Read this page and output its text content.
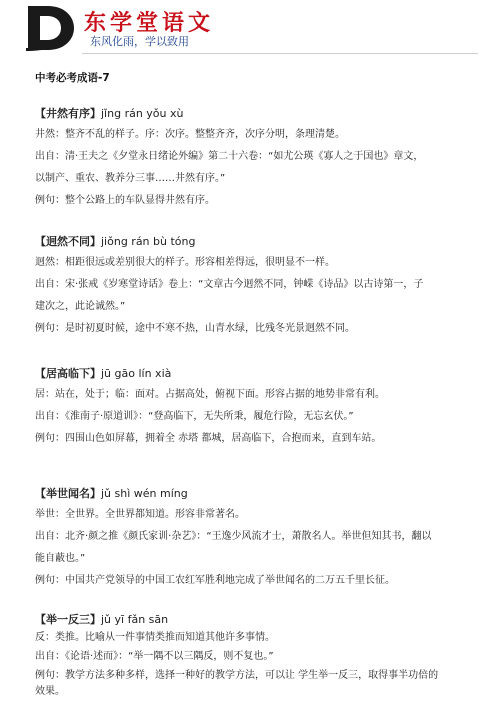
东学堂语文
东风化雨，学以致用
中考必考成语-7
【井然有序】jǐng rán yǒu xù
井然：整齐不乱的样子。序：次序。整整齐齐，次序分明，条理清楚。
出自：清·王夫之《夕堂永日绪论外编》第二十六卷：“如尤公瑛《寡人之于国也》章文，
以制产、重农、教养分三事……井然有序。”
例句：整个公路上的车队显得井然有序。
【迥然不同】jiǒng rán bù tóng
迥然：相距很远或差别很大的样子。形容相差得远，很明显不一样。
出自：宋·张戒《岁寒堂诗话》卷上：“文章古今迥然不同，钟嵘《诗品》以古诗第一，子
建次之，此论诚然。”
例句：是时初夏时候，途中不寒不热，山青水绿，比残冬光景迥然不同。
【居高临下】jū gāo lín xià
居：站在，处于；临：面对。占据高处，俯视下面。形容占据的地势非常有利。
出自：《淮南子·原道训》：“登高临下，无失所秉，履危行险，无忘玄伏。”
例句：四围山色如屏幕，拥着全 赤塔 都城，居高临下，合抱而来，直到车站。
【举世闻名】jǔ shì wén míng
举世：全世界。全世界都知道。形容非常著名。
出自：北齐·颜之推《颜氏家训·杂艺》：“王逸少风流才士，萧散名人。举世但知其书，翻以
能自蔽也。”
例句：中国共产党领导的中国工农红军胜利地完成了举世闻名的二万五千里长征。
【举一反三】jǔ yī fǎn sān
反：类推。比喻从一件事情类推而知道其他许多事情。
出自：《论语·述而》：“举一隅不以三隅反，则不复也。”
例句：教学方法多种多样，选择一种好的教学方法，可以让 学生举一反三，取得事半功倍的
效果。
